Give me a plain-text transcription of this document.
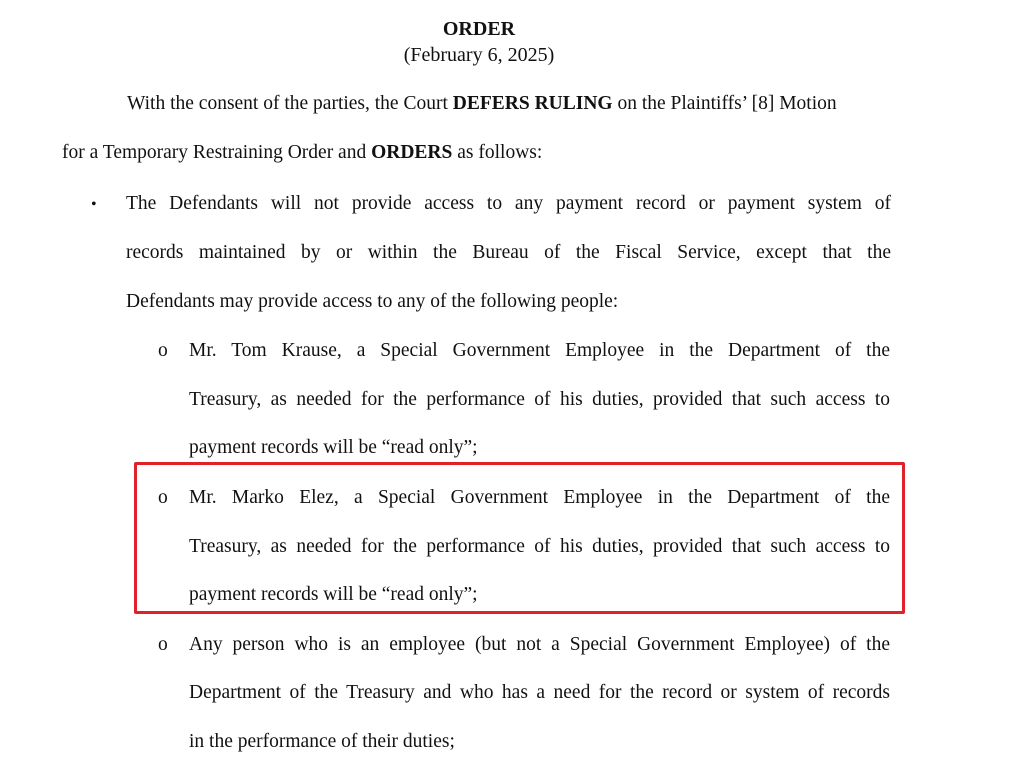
ORDER
(February 6, 2025)
With the consent of the parties, the Court DEFERS RULING on the Plaintiffs’ [8] Motion
for a Temporary Restraining Order and ORDERS as follows:
• The Defendants will not provide access to any payment record or payment system of
records maintained by or within the Bureau of the Fiscal Service, except that the
Defendants may provide access to any of the following people:
o Mr. Tom Krause, a Special Government Employee in the Department of the
Treasury, as needed for the performance of his duties, provided that such access to
payment records will be “read only”;
o Mr. Marko Elez, a Special Government Employee in the Department of the
Treasury, as needed for the performance of his duties, provided that such access to
payment records will be “read only”;
o Any person who is an employee (but not a Special Government Employee) of the
Department of the Treasury and who has a need for the record or system of records
in the performance of their duties;
